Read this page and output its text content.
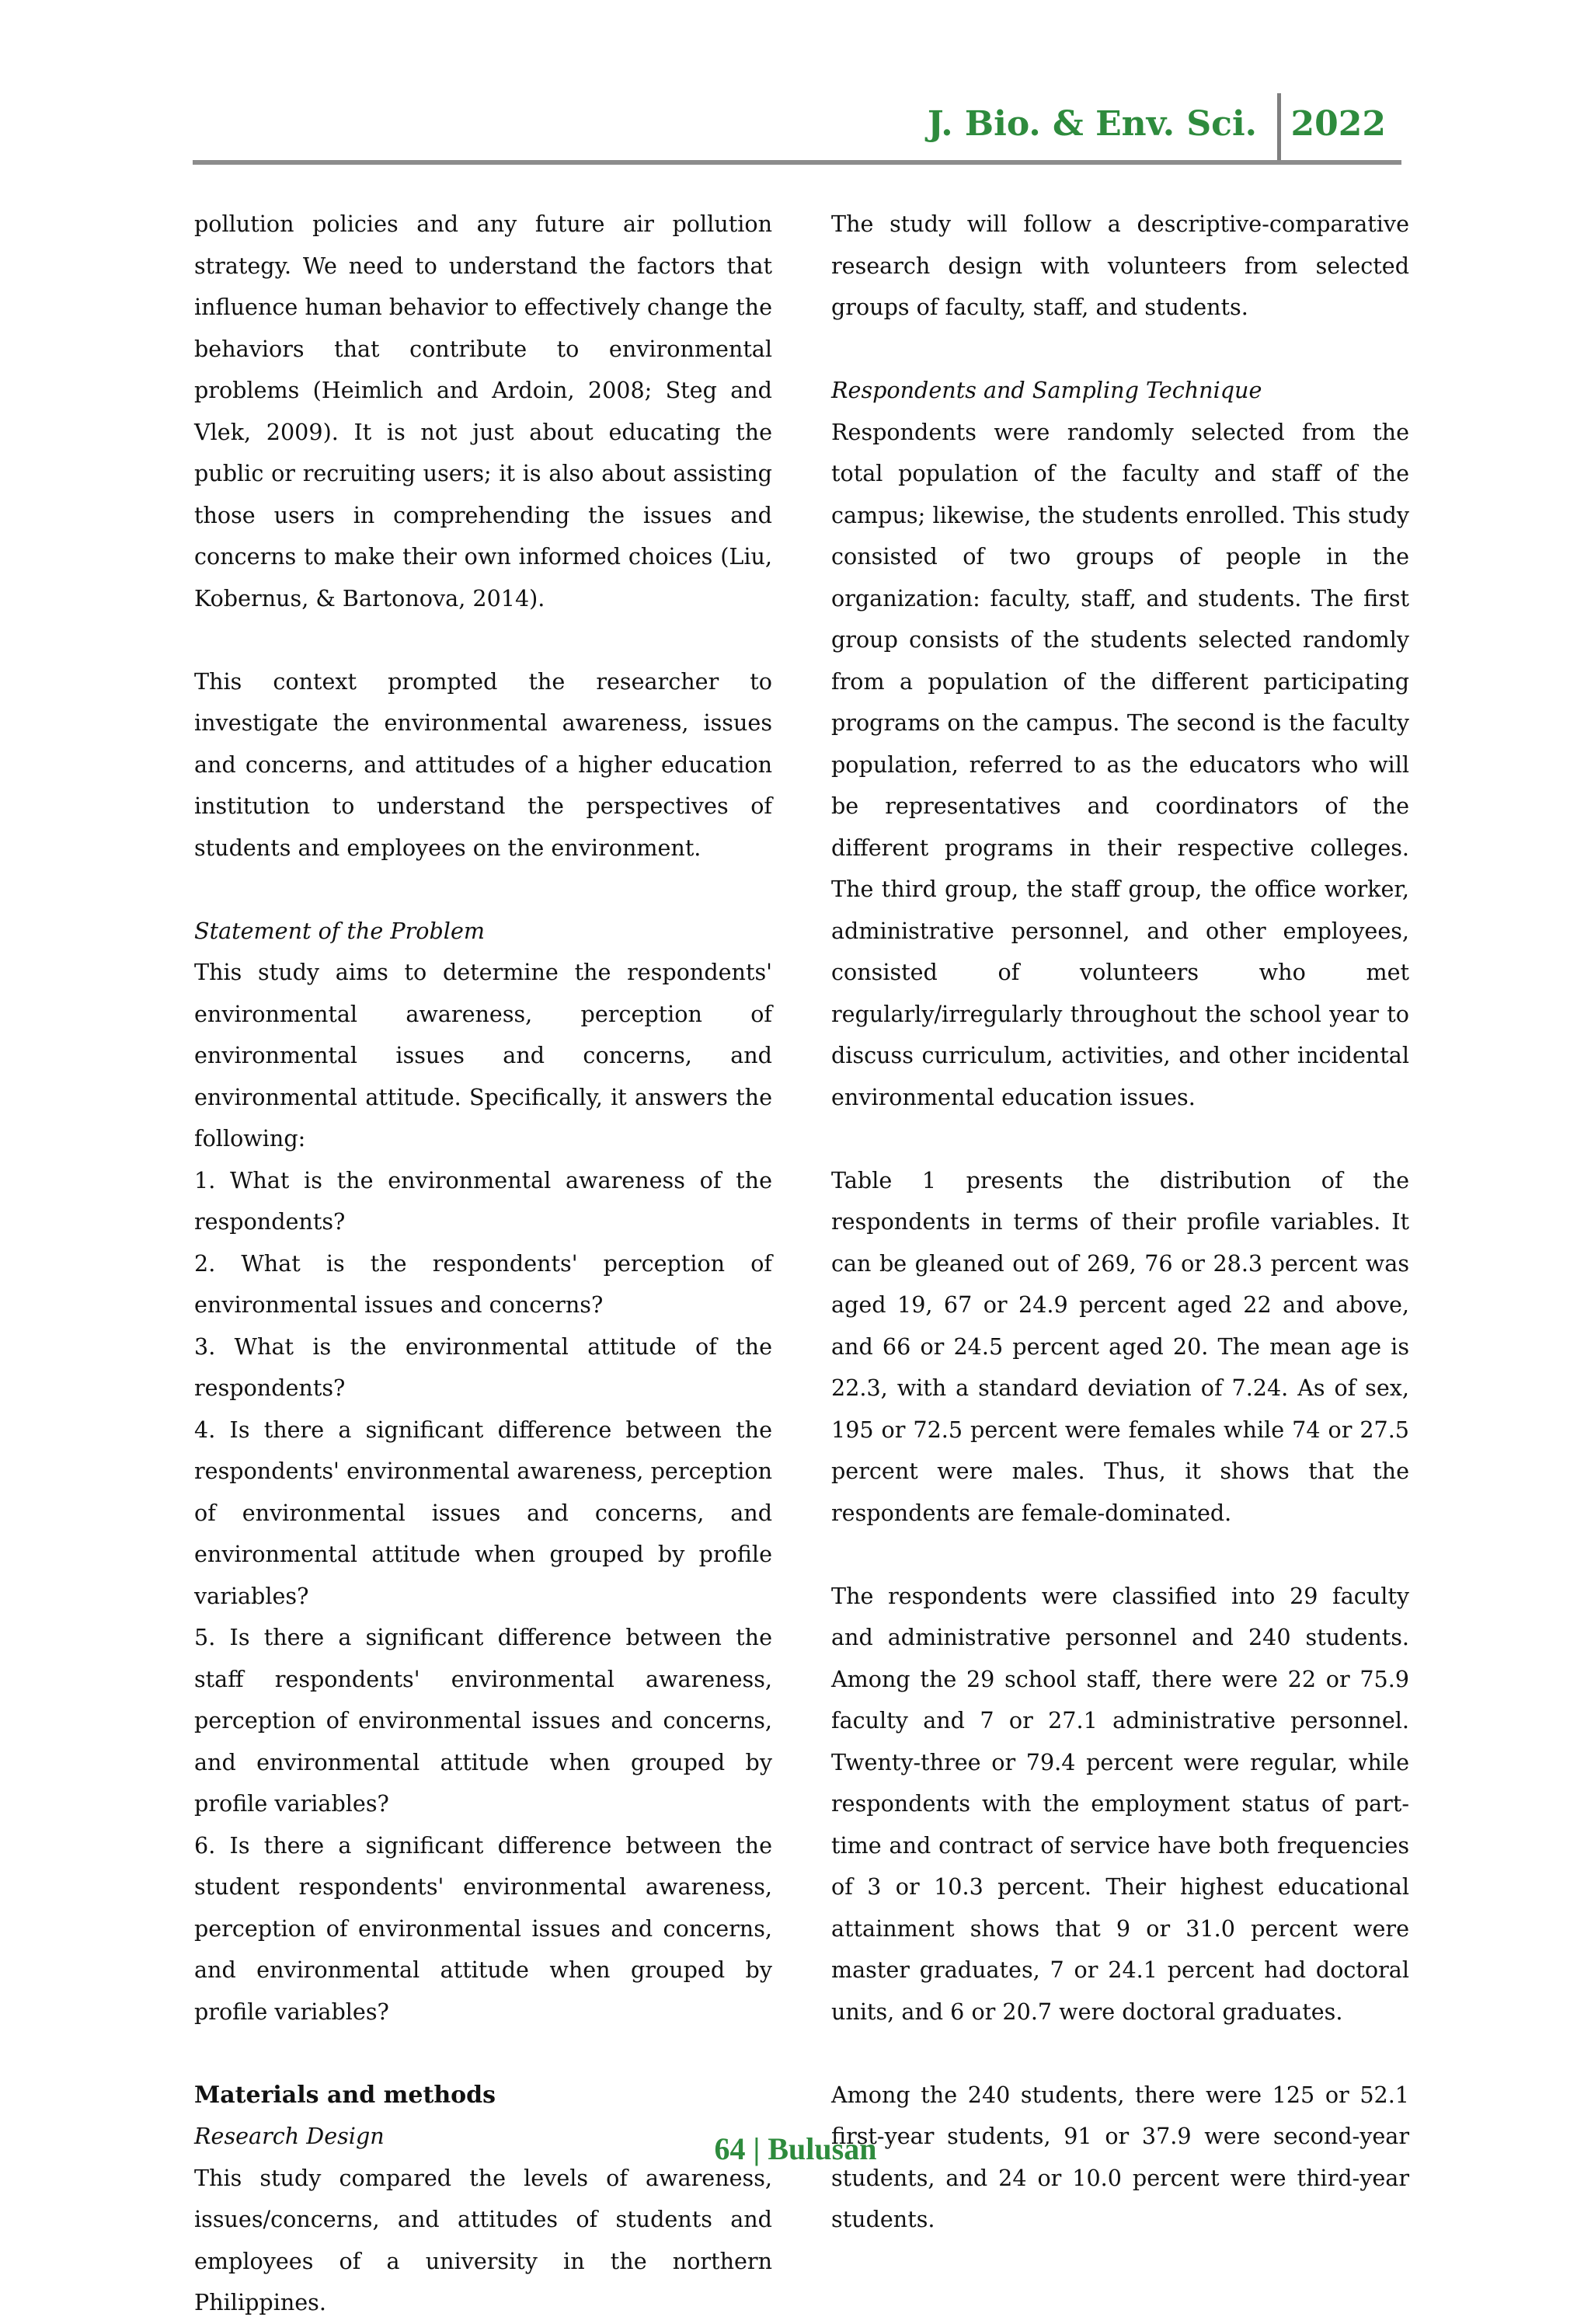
J. Bio. & Env. Sci. 2022

pollution policies and any future air pollution strategy. We need to understand the factors that influence human behavior to effectively change the behaviors that contribute to environmental problems (Heimlich and Ardoin, 2008; Steg and Vlek, 2009). It is not just about educating the public or recruiting users; it is also about assisting those users in comprehending the issues and concerns to make their own informed choices (Liu, Kobernus, & Bartonova, 2014).

This context prompted the researcher to investigate the environmental awareness, issues and concerns, and attitudes of a higher education institution to understand the perspectives of students and employees on the environment.

Statement of the Problem

This study aims to determine the respondents' environmental awareness, perception of environmental issues and concerns, and environmental attitude. Specifically, it answers the following:

1. What is the environmental awareness of the respondents?

2. What is the respondents' perception of environmental issues and concerns?

3. What is the environmental attitude of the respondents?

4. Is there a significant difference between the respondents' environmental awareness, perception of environmental issues and concerns, and environmental attitude when grouped by profile variables?

5. Is there a significant difference between the staff respondents' environmental awareness, perception of environmental issues and concerns, and environmental attitude when grouped by profile variables?

6. Is there a significant difference between the student respondents' environmental awareness, perception of environmental issues and concerns, and environmental attitude when grouped by profile variables?

Materials and methods

Research Design

This study compared the levels of awareness, issues/concerns, and attitudes of students and employees of a university in the northern Philippines.

The study will follow a descriptive-comparative research design with volunteers from selected groups of faculty, staff, and students.

Respondents and Sampling Technique

Respondents were randomly selected from the total population of the faculty and staff of the campus; likewise, the students enrolled. This study consisted of two groups of people in the organization: faculty, staff, and students. The first group consists of the students selected randomly from a population of the different participating programs on the campus. The second is the faculty population, referred to as the educators who will be representatives and coordinators of the different programs in their respective colleges. The third group, the staff group, the office worker, administrative personnel, and other employees, consisted of volunteers who met regularly/irregularly throughout the school year to discuss curriculum, activities, and other incidental environmental education issues.

Table 1 presents the distribution of the respondents in terms of their profile variables. It can be gleaned out of 269, 76 or 28.3 percent was aged 19, 67 or 24.9 percent aged 22 and above, and 66 or 24.5 percent aged 20. The mean age is 22.3, with a standard deviation of 7.24. As of sex, 195 or 72.5 percent were females while 74 or 27.5 percent were males. Thus, it shows that the respondents are female-dominated.

The respondents were classified into 29 faculty and administrative personnel and 240 students. Among the 29 school staff, there were 22 or 75.9 faculty and 7 or 27.1 administrative personnel. Twenty-three or 79.4 percent were regular, while respondents with the employment status of part-time and contract of service have both frequencies of 3 or 10.3 percent. Their highest educational attainment shows that 9 or 31.0 percent were master graduates, 7 or 24.1 percent had doctoral units, and 6 or 20.7 were doctoral graduates.

Among the 240 students, there were 125 or 52.1 first-year students, 91 or 37.9 were second-year students, and 24 or 10.0 percent were third-year students.

64 | Bulusan
